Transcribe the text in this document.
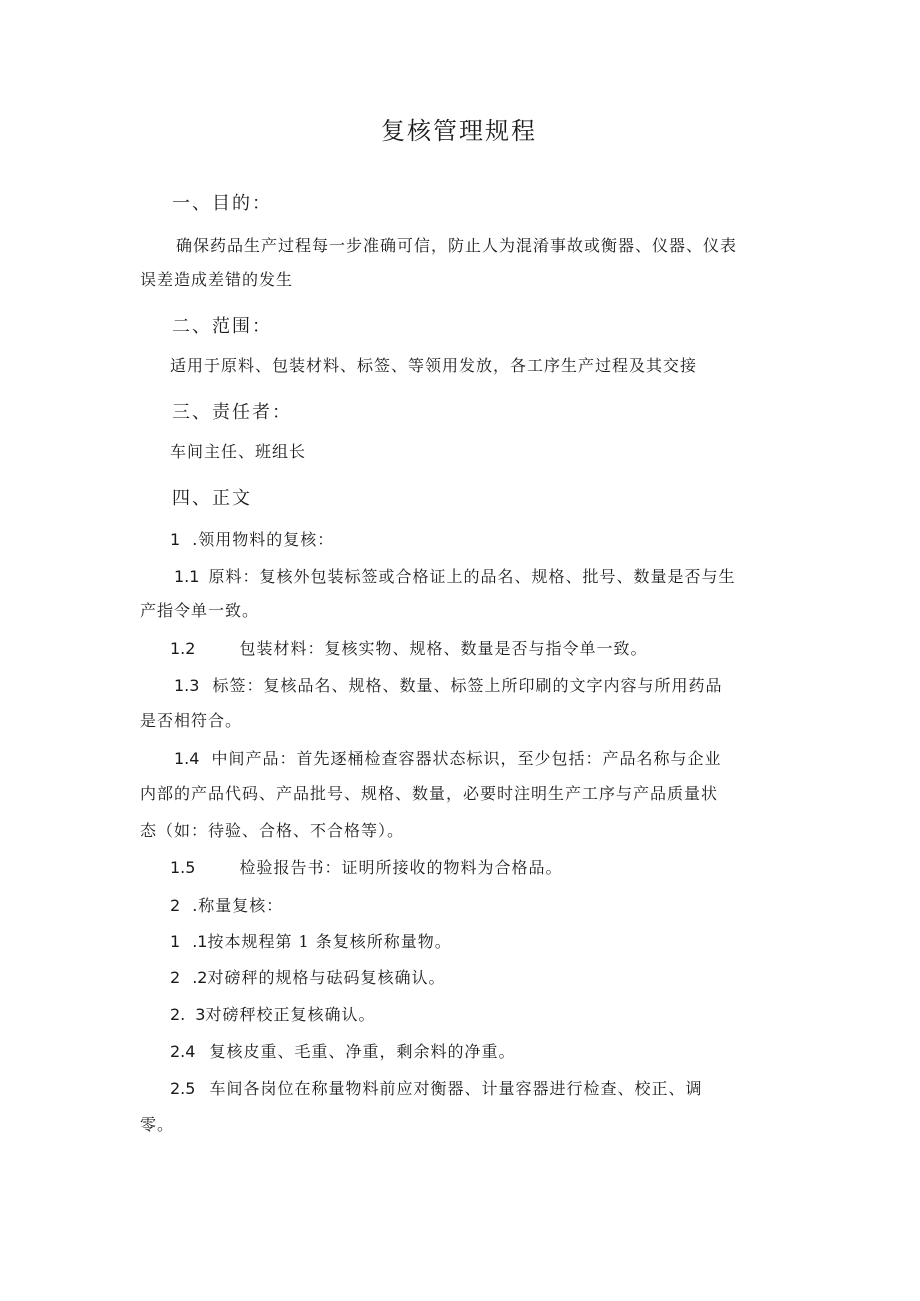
复核管理规程
一、目的：
确保药品生产过程每一步准确可信，防止人为混淆事故或衡器、仪器、仪表
误差造成差错的发生
二、范围：
适用于原料、包装材料、标签、等领用发放，各工序生产过程及其交接
三、责任者：
车间主任、班组长
四、正文
1 .领用物料的复核：
1.1 原料：复核外包装标签或合格证上的品名、规格、批号、数量是否与生
产指令单一致。
1.2	包装材料：复核实物、规格、数量是否与指令单一致。
1.3 标签：复核品名、规格、数量、标签上所印刷的文字内容与所用药品
是否相符合。
1.4 中间产品：首先逐桶检查容器状态标识，至少包括：产品名称与企业
内部的产品代码、产品批号、规格、数量，必要时注明生产工序与产品质量状
态（如：待验、合格、不合格等）。
1.5	检验报告书：证明所接收的物料为合格品。
2 .称量复核：
1 .1按本规程第 1 条复核所称量物。
2 .2对磅秤的规格与砝码复核确认。
2. 3对磅秤校正复核确认。
2.4 复核皮重、毛重、净重，剩余料的净重。
2.5 车间各岗位在称量物料前应对衡器、计量容器进行检查、校正、调
零。
